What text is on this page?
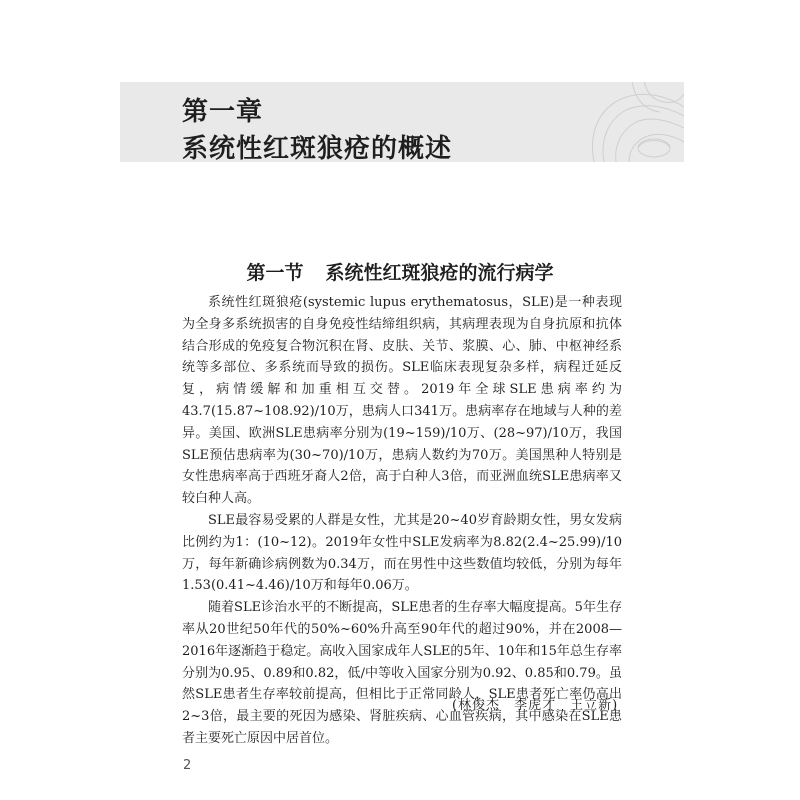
第一章
系统性红斑狼疮的概述
第一节 系统性红斑狼疮的流行病学

系统性红斑狼疮(systemic lupus erythematosus，SLE)是一种表现为全身多系统损害的自身免疫性结缔组织病，其病理表现为自身抗原和抗体结合形成的免疫复合物沉积在肾、皮肤、关节、浆膜、心、肺、中枢神经系统等多部位、多系统而导致的损伤。SLE临床表现复杂多样，病程迁延反复，病情缓解和加重相互交替。2019年全球SLE患病率约为43.7(15.87~108.92)/10万，患病人口341万。患病率存在地域与人种的差异。美国、欧洲SLE患病率分别为(19~159)/10万、(28~97)/10万，我国SLE预估患病率为(30~70)/10万，患病人数约为70万。美国黑种人特别是女性患病率高于西班牙裔人2倍，高于白种人3倍，而亚洲血统SLE患病率又较白种人高。

SLE最容易受累的人群是女性，尤其是20~40岁育龄期女性，男女发病比例约为1：(10~12)。2019年女性中SLE发病率为8.82(2.4~25.99)/10万，每年新确诊病例数为0.34万，而在男性中这些数值均较低，分别为每年1.53(0.41~4.46)/10万和每年0.06万。

随着SLE诊治水平的不断提高，SLE患者的生存率大幅度提高。5年生存率从20世纪50年代的50%~60%升高至90年代的超过90%，并在2008—2016年逐渐趋于稳定。高收入国家成年人SLE的5年、10年和15年总生存率分别为0.95、0.89和0.82，低/中等收入国家分别为0.92、0.85和0.79。虽然SLE患者生存率较前提高，但相比于正常同龄人，SLE患者死亡率仍高出2~3倍，最主要的死因为感染、肾脏疾病、心血管疾病，其中感染在SLE患者主要死亡原因中居首位。

(林俊杰　李虎才　王立新)

2
